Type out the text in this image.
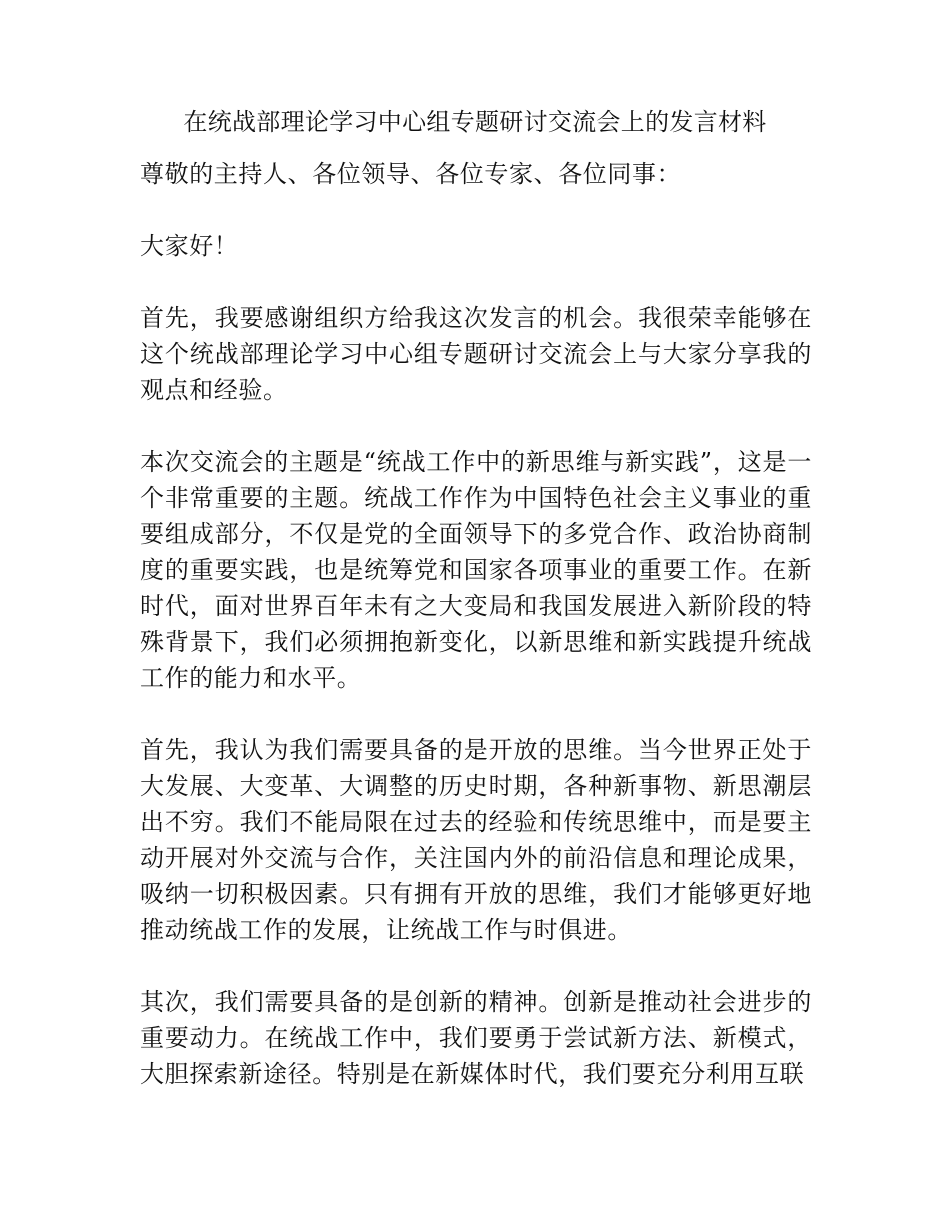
在统战部理论学习中心组专题研讨交流会上的发言材料

尊敬的主持人、各位领导、各位专家、各位同事：

大家好！

首先，我要感谢组织方给我这次发言的机会。我很荣幸能够在这个统战部理论学习中心组专题研讨交流会上与大家分享我的观点和经验。

本次交流会的主题是“统战工作中的新思维与新实践”，这是一个非常重要的主题。统战工作作为中国特色社会主义事业的重要组成部分，不仅是党的全面领导下的多党合作、政治协商制度的重要实践，也是统筹党和国家各项事业的重要工作。在新时代，面对世界百年未有之大变局和我国发展进入新阶段的特殊背景下，我们必须拥抱新变化，以新思维和新实践提升统战工作的能力和水平。

首先，我认为我们需要具备的是开放的思维。当今世界正处于大发展、大变革、大调整的历史时期，各种新事物、新思潮层出不穷。我们不能局限在过去的经验和传统思维中，而是要主动开展对外交流与合作，关注国内外的前沿信息和理论成果，吸纳一切积极因素。只有拥有开放的思维，我们才能够更好地推动统战工作的发展，让统战工作与时俱进。

其次，我们需要具备的是创新的精神。创新是推动社会进步的重要动力。在统战工作中，我们要勇于尝试新方法、新模式，大胆探索新途径。特别是在新媒体时代，我们要充分利用互联
